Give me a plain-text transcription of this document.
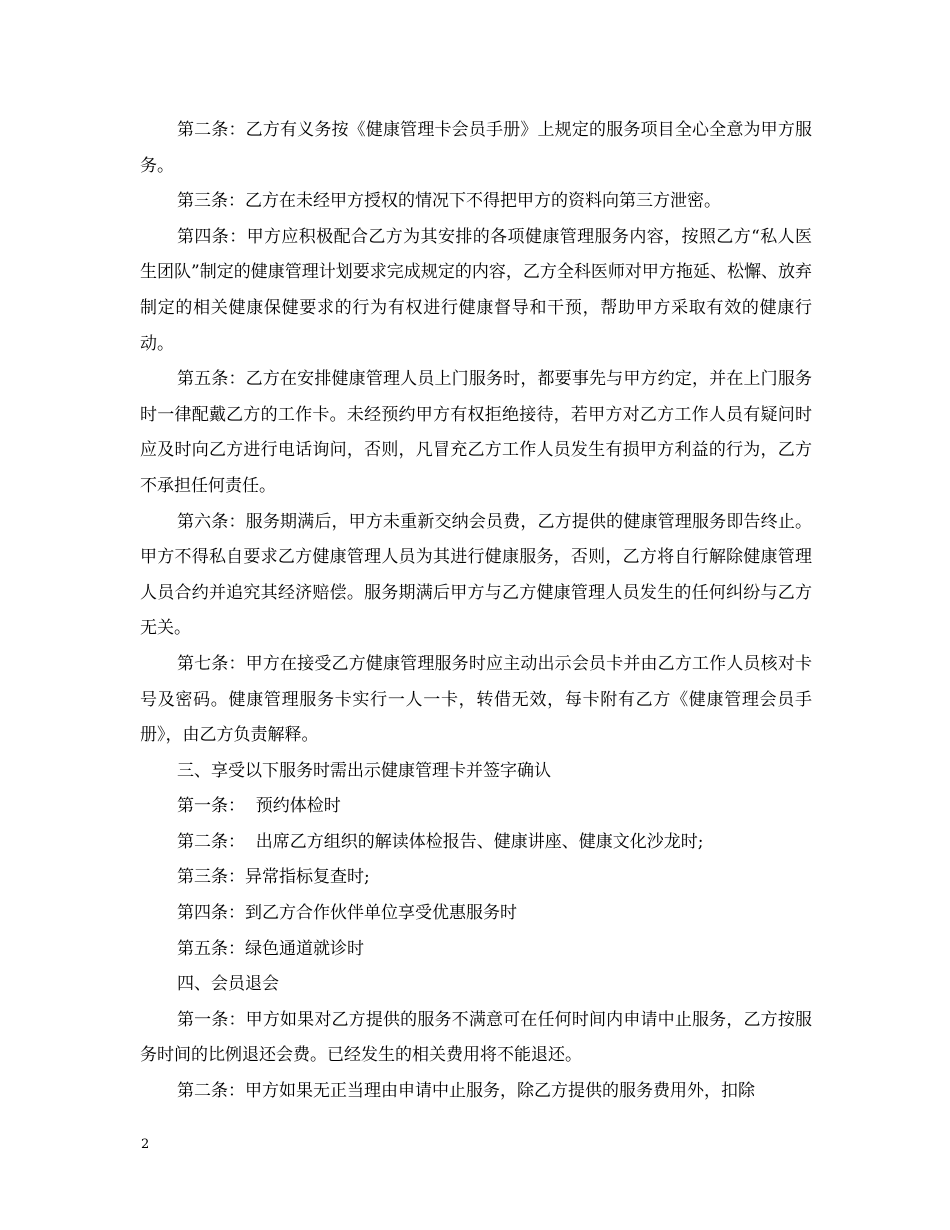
第二条：乙方有义务按《健康管理卡会员手册》上规定的服务项目全心全意为甲方服务。

第三条：乙方在未经甲方授权的情况下不得把甲方的资料向第三方泄密。

第四条：甲方应积极配合乙方为其安排的各项健康管理服务内容，按照乙方“私人医生团队”制定的健康管理计划要求完成规定的内容，乙方全科医师对甲方拖延、松懈、放弃制定的相关健康保健要求的行为有权进行健康督导和干预，帮助甲方采取有效的健康行动。

第五条：乙方在安排健康管理人员上门服务时，都要事先与甲方约定，并在上门服务时一律配戴乙方的工作卡。未经预约甲方有权拒绝接待，若甲方对乙方工作人员有疑问时应及时向乙方进行电话询问，否则，凡冒充乙方工作人员发生有损甲方利益的行为，乙方不承担任何责任。

第六条：服务期满后，甲方未重新交纳会员费，乙方提供的健康管理服务即告终止。甲方不得私自要求乙方健康管理人员为其进行健康服务，否则，乙方将自行解除健康管理人员合约并追究其经济赔偿。服务期满后甲方与乙方健康管理人员发生的任何纠纷与乙方无关。

第七条：甲方在接受乙方健康管理服务时应主动出示会员卡并由乙方工作人员核对卡号及密码。健康管理服务卡实行一人一卡，转借无效，每卡附有乙方《健康管理会员手册》，由乙方负责解释。

三、享受以下服务时需出示健康管理卡并签字确认

第一条：  预约体检时

第二条：  出席乙方组织的解读体检报告、健康讲座、健康文化沙龙时;

第三条：异常指标复查时;

第四条：到乙方合作伙伴单位享受优惠服务时

第五条：绿色通道就诊时

四、会员退会

第一条：甲方如果对乙方提供的服务不满意可在任何时间内申请中止服务，乙方按服务时间的比例退还会费。已经发生的相关费用将不能退还。

第二条：甲方如果无正当理由申请中止服务，除乙方提供的服务费用外，扣除

2
